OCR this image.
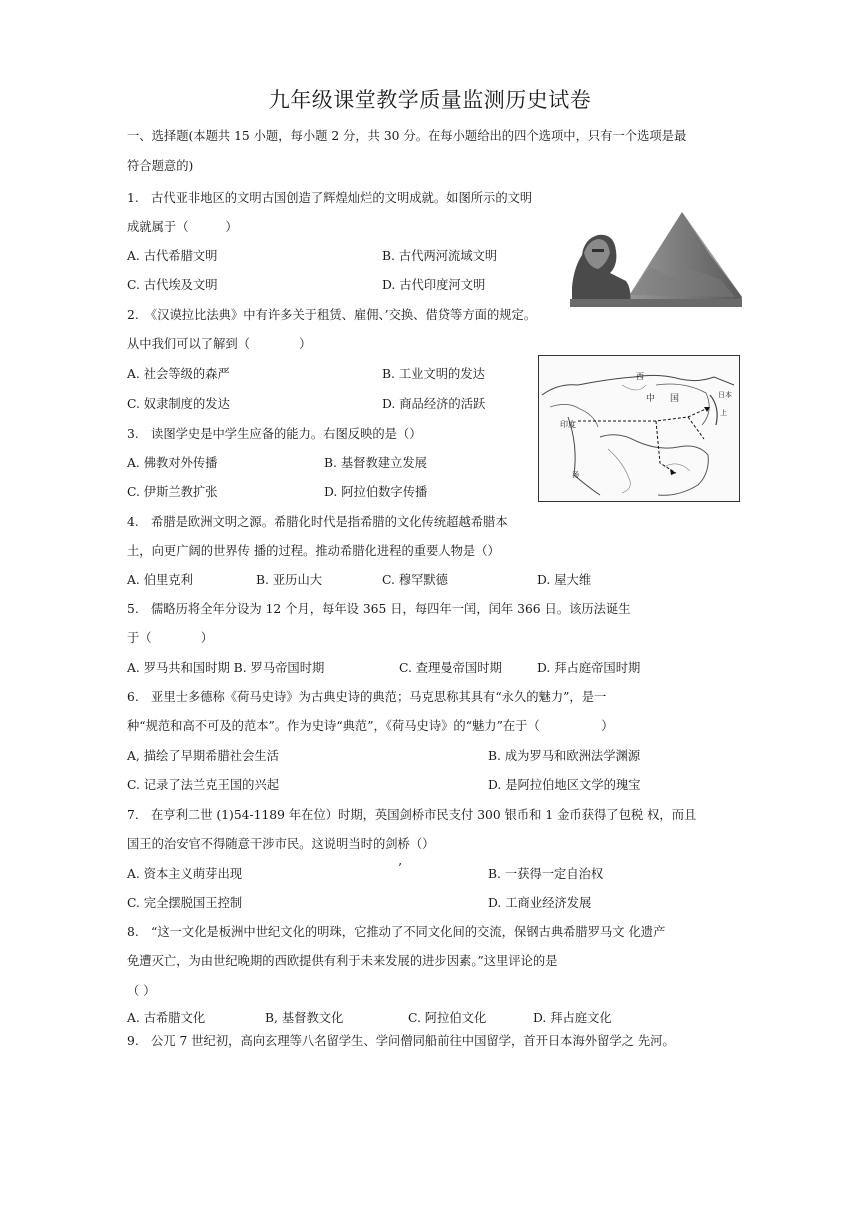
九年级课堂教学质量监测历史试卷
一、选择题(本题共 15 小题，每小题 2 分，共 30 分。在每小题给出的四个选项中，只有一个选项是最
符合题意的)
1.　古代亚非地区的文明古国创造了辉煌灿烂的文明成就。如图所示的文明
成就属于（　　　）
A. 古代希腊文明	B. 古代两河流域文明
C. 古代埃及文明	D. 古代印度河文明
2.　《汉谟拉比法典》中有许多关于租赁、雇佣、’交换、借贷等方面的规定。
从中我们可以了解到（　　　　）
A. 社会等级的森严	B. 工业文明的发达
C. 奴隶制度的发达	D. 商品经济的活跃
西
印度
中 国	日本
汤
上
3.　读图学史是中学生应备的能力。右图反映的是（）
A. 佛教对外传播	B. 基督教建立发展
C. 伊斯兰教扩张	D. 阿拉伯数字传播
4.　希腊是欧洲文明之源。希腊化时代是指希腊的文化传统超越希腊本
土，向更广阔的世界传 播的过程。推动希腊化进程的重要人物是（）
A. 伯里克利	B. 亚历山大	C. 穆罕默德	D. 屋大维
5.　儒略历将全年分设为 12 个月，每年设 365 日，每四年一闰，闰年 366 日。该历法诞生
于（　　　　）
A. 罗马共和国时期 B. 罗马帝国时期	C. 查理曼帝国时期	D. 拜占庭帝国时期
6.　亚里士多德称《荷马史诗》为古典史诗的典范；马克思称其具有“永久的魅力”，是一
种“规范和高不可及的范本”。作为史诗“典范”，《荷马史诗》的“魅力”在于（　　　　　）
A, 描绘了早期希腊社会生活	B. 成为罗马和欧洲法学渊源
C. 记录了法兰克王国的兴起	D. 是阿拉伯地区文学的瑰宝
7.　在亨利二世 (1)54-1189 年在位）时期，英国剑桥市民支付 300 银币和 1 金币获得了包税 权，而且
国王的治安官不得随意干涉市民。这说明当时的剑桥（）
A. 资本主义萌芽出现	’	B. 一获得一定自治权
C. 完全摆脱国王控制	D. 工商业经济发展
8.　“这一文化是板洲中世纪文化的明珠，它推动了不同文化间的交流，保钢古典希腊罗马文 化遗产
免遭灭亡，为由世纪晚期的西欧提供有利于未来发展的进步因素。”这里评论的是
（ ）
A. 古希腊文化	B, 基督教文化	C. 阿拉伯文化	D. 拜占庭文化
9.　公兀 7 世纪初，高向玄理等八名留学生、学问僧同船前往中国留学，首开日本海外留学之 先河。
